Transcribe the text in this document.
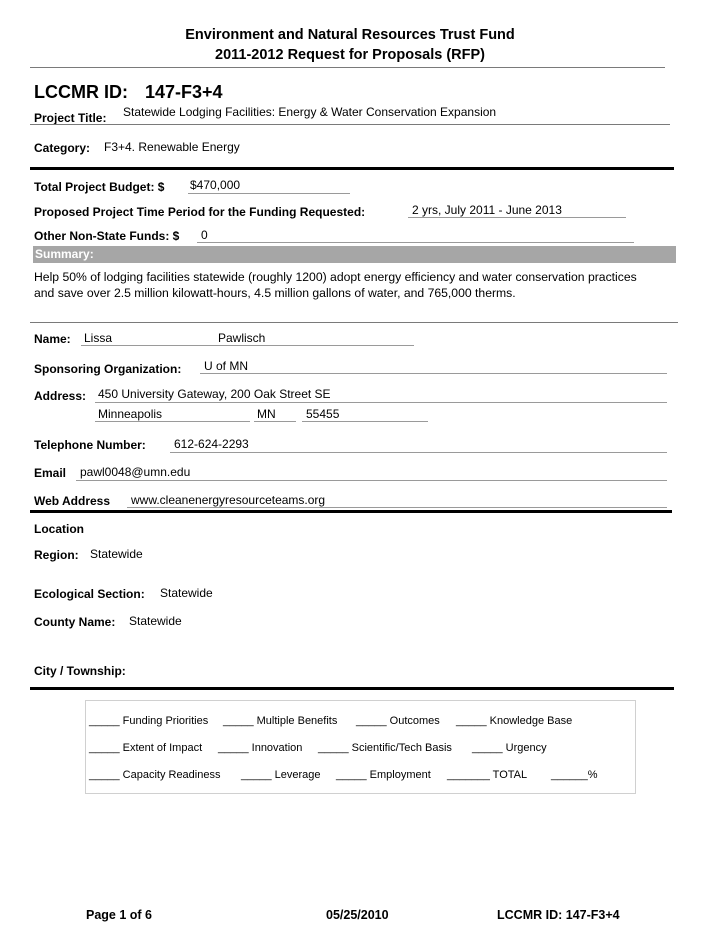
Environment and Natural Resources Trust Fund
2011-2012 Request for Proposals (RFP)
LCCMR ID: 147-F3+4
Project Title: Statewide Lodging Facilities: Energy & Water Conservation Expansion
Category: F3+4. Renewable Energy
Total Project Budget: $ $470,000
Proposed Project Time Period for the Funding Requested:	2 yrs, July 2011 - June 2013
Other Non-State Funds: $ 0
Summary:
Help 50% of lodging facilities statewide (roughly 1200) adopt energy efficiency and water conservation practices and save over 2.5 million kilowatt-hours, 4.5 million gallons of water, and 765,000 therms.
Name: Lissa	Pawlisch
Sponsoring Organization: U of MN
Address: 450 University Gateway, 200 Oak Street SE
Minneapolis	MN	55455
Telephone Number: 612-624-2293
Email pawl0048@umn.edu
Web Address www.cleanenergyresourceteams.org
Location
Region: Statewide
Ecological Section: Statewide
County Name: Statewide
City / Township:
_____ Funding Priorities _____ Multiple Benefits _____ Outcomes _____ Knowledge Base
_____ Extent of Impact _____ Innovation _____ Scientific/Tech Basis _____ Urgency
_____ Capacity Readiness _____ Leverage _____ Employment _______ TOTAL ______%
Page 1 of 6	05/25/2010	LCCMR ID: 147-F3+4
